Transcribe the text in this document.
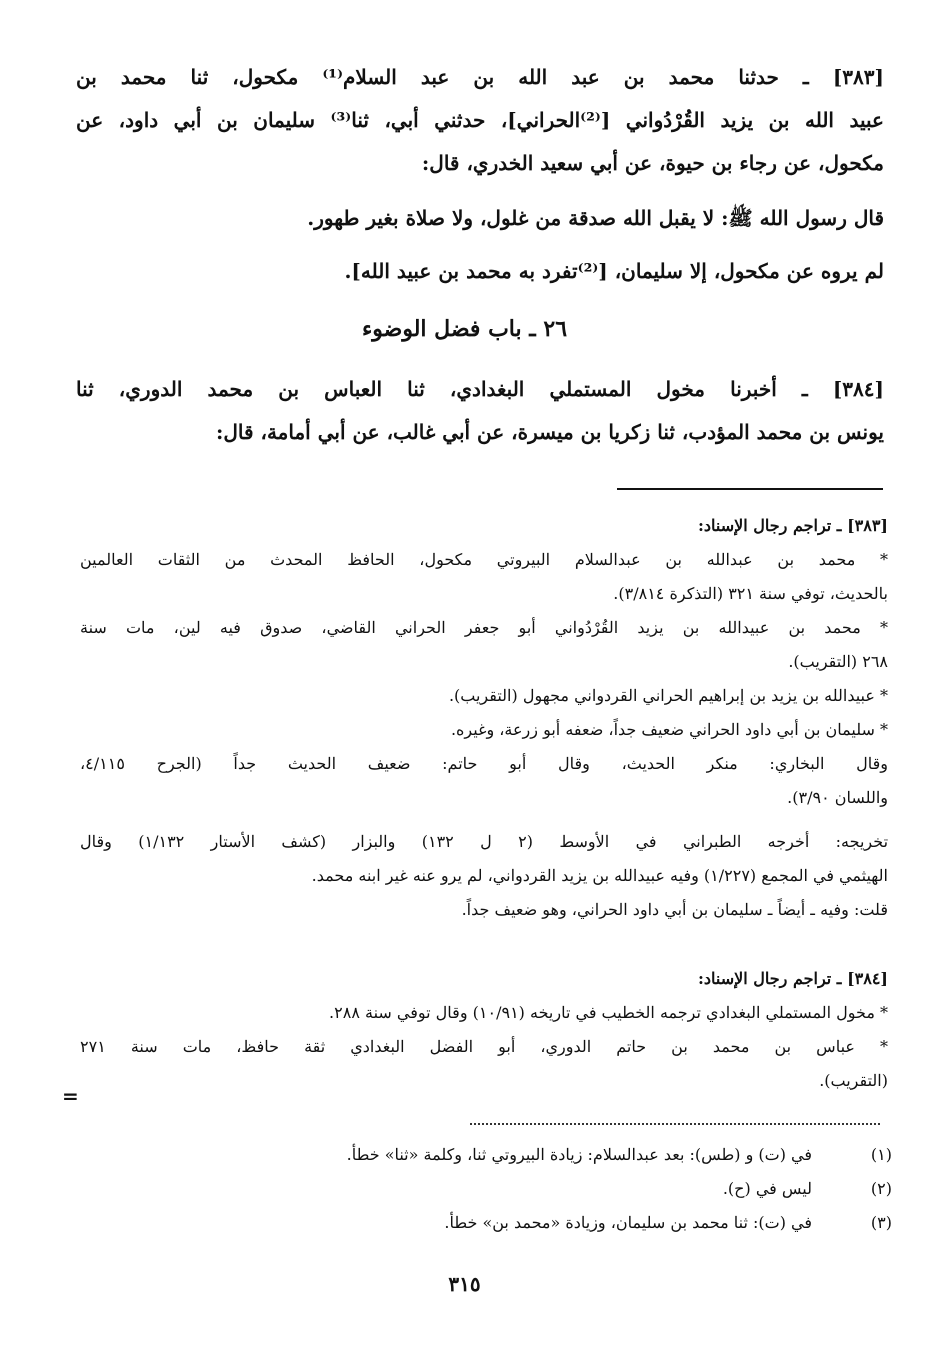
[٣٨٣] ـ حدثنا محمد بن عبد الله بن عبد السلام⁽¹⁾ مكحول، ثنا محمد بن
عبيد الله بن يزيد القُرْدُواني [⁽²⁾الحراني]، حدثني أبي، ثنا⁽³⁾ سليمان بن أبي داود، عن
مكحول، عن رجاء بن حيوة، عن أبي سعيد الخدري، قال:
قال رسول الله ﷺ: لا يقبل الله صدقة من غلول، ولا صلاة بغير طهور.
لم يروه عن مكحول، إلا سليمان، [⁽²⁾تفرد به محمد بن عبيد الله].
٢٦ ـ باب فضل الوضوء
[٣٨٤] ـ أخبرنا مخول المستملي البغدادي، ثنا العباس بن محمد الدوري، ثنا
يونس بن محمد المؤدب، ثنا زكريا بن ميسرة، عن أبي غالب، عن أبي أمامة، قال:
[٣٨٣] ـ تراجم رجال الإسناد:
* محمد بن عبدالله بن عبدالسلام البيروتي مكحول، الحافظ المحدث من الثقات العالمين
بالحديث، توفي سنة ٣٢١ (التذكرة ٣/٨١٤).
* محمد بن عبيدالله بن يزيد القُرْدُواني أبو جعفر الحراني القاضي، صدوق فيه لين، مات سنة
٢٦٨ (التقريب).
* عبيدالله بن يزيد بن إبراهيم الحراني القردواني مجهول (التقريب).
* سليمان بن أبي داود الحراني ضعيف جداً، ضعفه أبو زرعة، وغيره.
وقال البخاري: منكر الحديث، وقال أبو حاتم: ضعيف الحديث جداً (الجرح ٤/١١٥،
واللسان ٣/٩٠).
تخريجه: أخرجه الطبراني في الأوسط (٢ ل ١٣٢) والبزار (كشف الأستار ١/١٣٢) وقال
الهيثمي في المجمع (١/٢٢٧) وفيه عبيدالله بن يزيد القردواني، لم يرو عنه غير ابنه محمد.
قلت: وفيه ـ أيضاً ـ سليمان بن أبي داود الحراني، وهو ضعيف جداً.
[٣٨٤] ـ تراجم رجال الإسناد:
* مخول المستملي البغدادي ترجمه الخطيب في تاريخه (١٠/٩١) وقال توفي سنة ٢٨٨.
* عباس بن محمد بن حاتم الدوري، أبو الفضل البغدادي ثقة حافظ، مات سنة ٢٧١
(التقريب).
=
(١)
في (ت) و (طس): بعد عبدالسلام: زيادة البيروتي ثنا، وكلمة «ثنا» خطأ.
(٢)
ليس في (ح).
(٣)
في (ت): ثنا محمد بن سليمان، وزيادة «محمد بن» خطأ.
٣١٥
